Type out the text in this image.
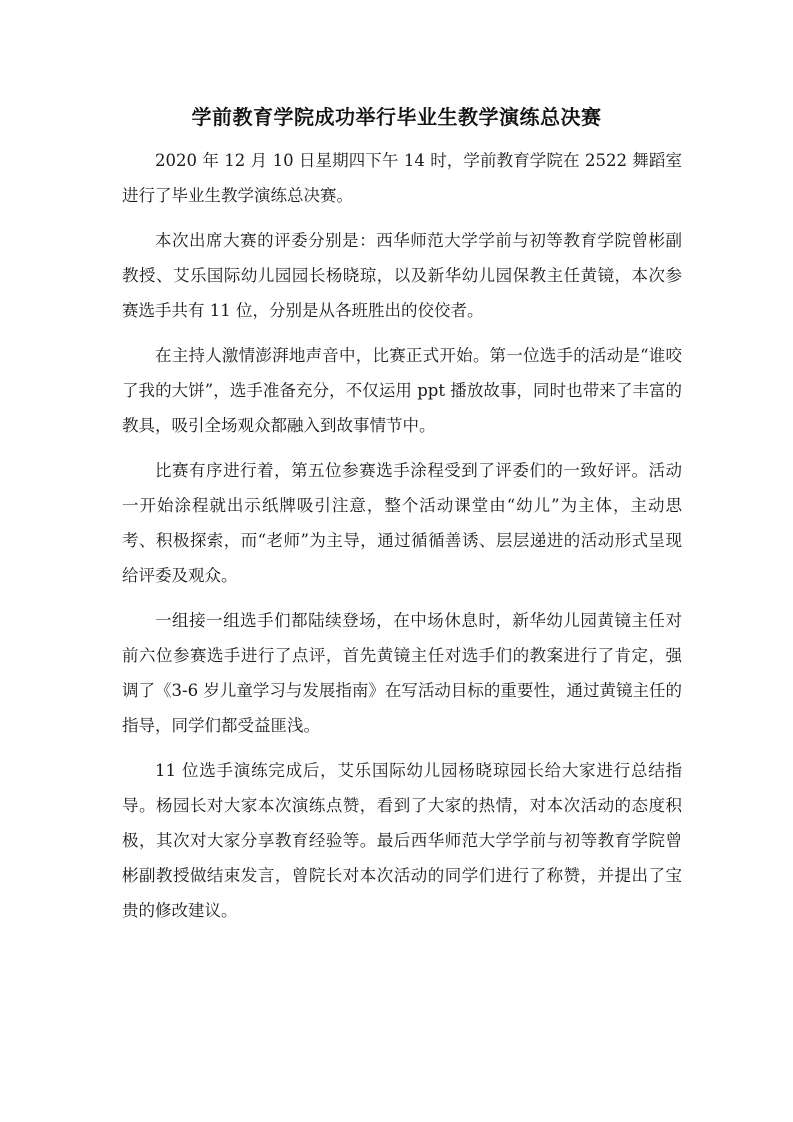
学前教育学院成功举行毕业生教学演练总决赛

2020 年 12 月 10 日星期四下午 14 时，学前教育学院在 2522 舞蹈室进行了毕业生教学演练总决赛。

本次出席大赛的评委分别是：西华师范大学学前与初等教育学院曾彬副教授、艾乐国际幼儿园园长杨晓琼，以及新华幼儿园保教主任黄镜，本次参赛选手共有 11 位，分别是从各班胜出的佼佼者。

在主持人激情澎湃地声音中，比赛正式开始。第一位选手的活动是“谁咬了我的大饼”，选手准备充分，不仅运用 ppt 播放故事，同时也带来了丰富的教具，吸引全场观众都融入到故事情节中。

比赛有序进行着，第五位参赛选手涂程受到了评委们的一致好评。活动一开始涂程就出示纸牌吸引注意，整个活动课堂由“幼儿”为主体，主动思考、积极探索，而“老师”为主导，通过循循善诱、层层递进的活动形式呈现给评委及观众。

一组接一组选手们都陆续登场，在中场休息时，新华幼儿园黄镜主任对前六位参赛选手进行了点评，首先黄镜主任对选手们的教案进行了肯定，强调了《3-6 岁儿童学习与发展指南》在写活动目标的重要性，通过黄镜主任的指导，同学们都受益匪浅。

11 位选手演练完成后，艾乐国际幼儿园杨晓琼园长给大家进行总结指导。杨园长对大家本次演练点赞，看到了大家的热情，对本次活动的态度积极，其次对大家分享教育经验等。最后西华师范大学学前与初等教育学院曾彬副教授做结束发言，曾院长对本次活动的同学们进行了称赞，并提出了宝贵的修改建议。
